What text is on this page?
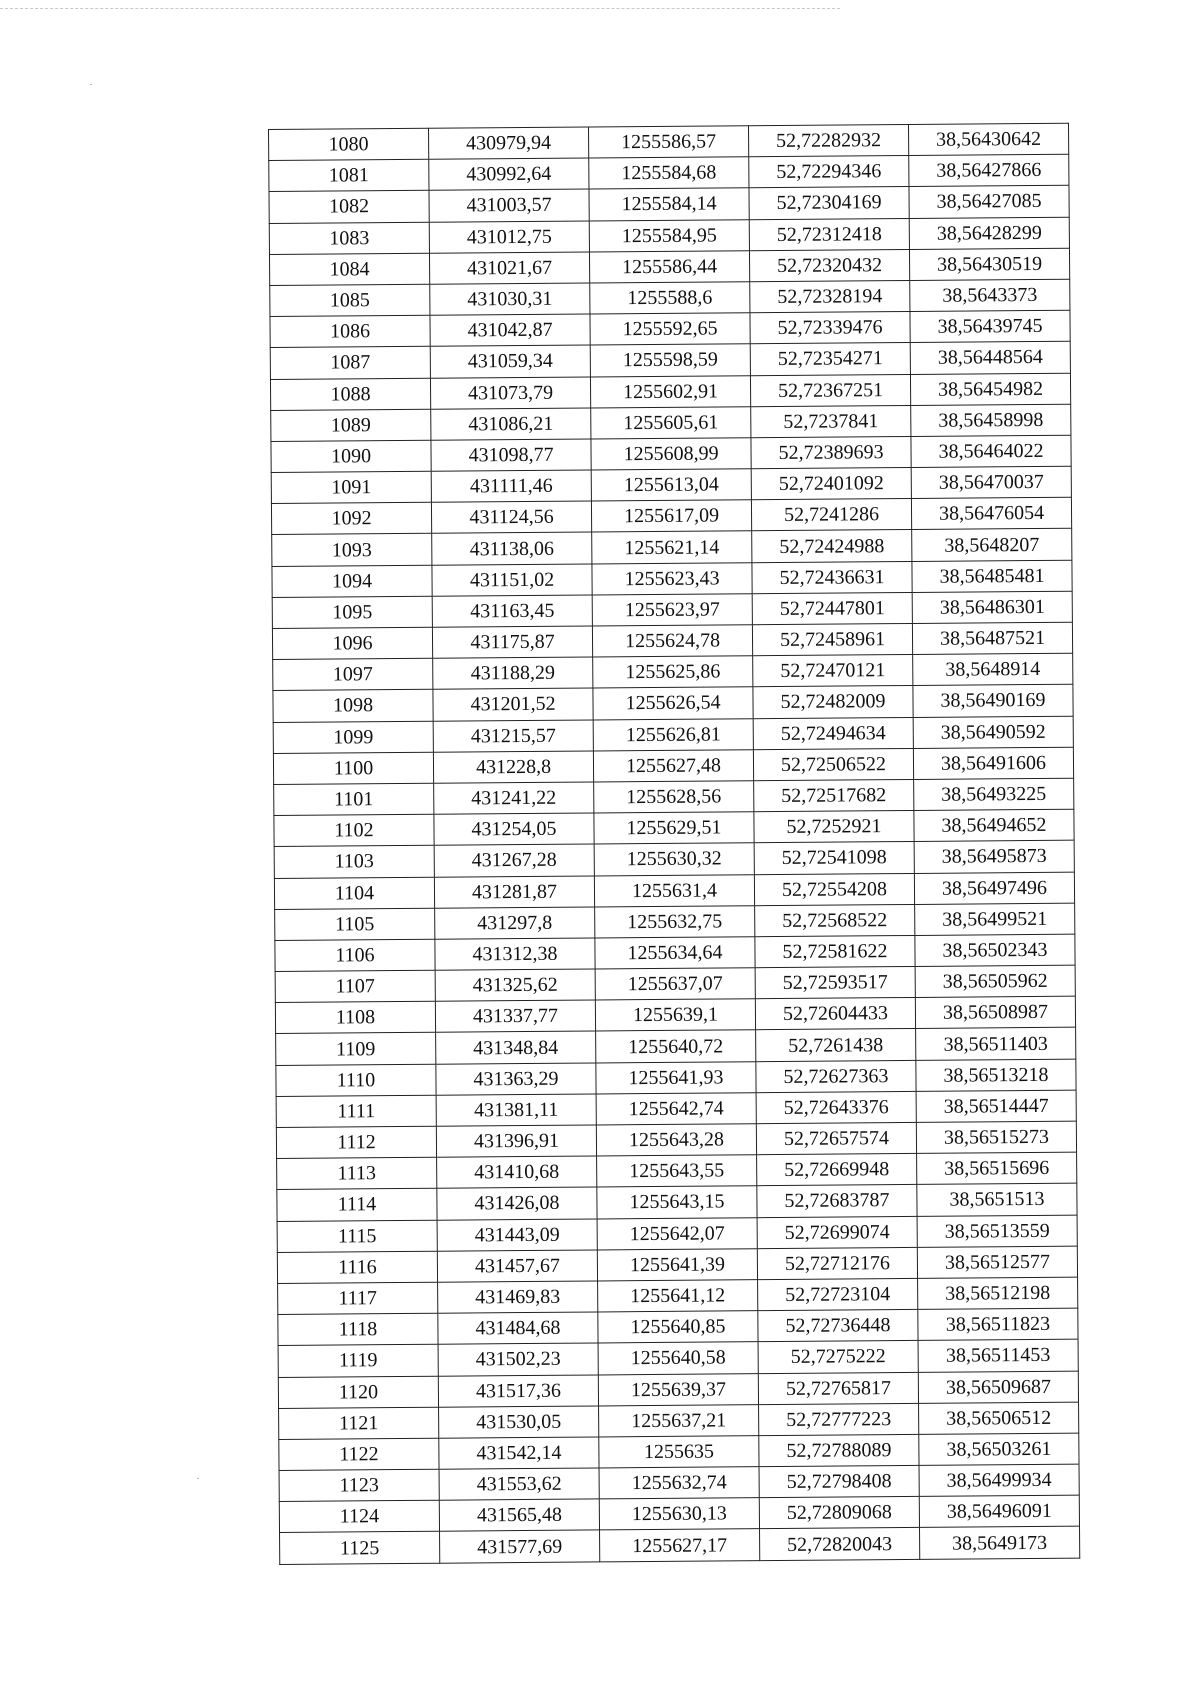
1080	430979,94	1255586,57	52,72282932	38,56430642
1081	430992,64	1255584,68	52,72294346	38,56427866
1082	431003,57	1255584,14	52,72304169	38,56427085
1083	431012,75	1255584,95	52,72312418	38,56428299
1084	431021,67	1255586,44	52,72320432	38,56430519
1085	431030,31	1255588,6	52,72328194	38,5643373
1086	431042,87	1255592,65	52,72339476	38,56439745
1087	431059,34	1255598,59	52,72354271	38,56448564
1088	431073,79	1255602,91	52,72367251	38,56454982
1089	431086,21	1255605,61	52,7237841	38,56458998
1090	431098,77	1255608,99	52,72389693	38,56464022
1091	431111,46	1255613,04	52,72401092	38,56470037
1092	431124,56	1255617,09	52,7241286	38,56476054
1093	431138,06	1255621,14	52,72424988	38,5648207
1094	431151,02	1255623,43	52,72436631	38,56485481
1095	431163,45	1255623,97	52,72447801	38,56486301
1096	431175,87	1255624,78	52,72458961	38,56487521
1097	431188,29	1255625,86	52,72470121	38,5648914
1098	431201,52	1255626,54	52,72482009	38,56490169
1099	431215,57	1255626,81	52,72494634	38,56490592
1100	431228,8	1255627,48	52,72506522	38,56491606
1101	431241,22	1255628,56	52,72517682	38,56493225
1102	431254,05	1255629,51	52,7252921	38,56494652
1103	431267,28	1255630,32	52,72541098	38,56495873
1104	431281,87	1255631,4	52,72554208	38,56497496
1105	431297,8	1255632,75	52,72568522	38,56499521
1106	431312,38	1255634,64	52,72581622	38,56502343
1107	431325,62	1255637,07	52,72593517	38,56505962
1108	431337,77	1255639,1	52,72604433	38,56508987
1109	431348,84	1255640,72	52,7261438	38,56511403
1110	431363,29	1255641,93	52,72627363	38,56513218
1111	431381,11	1255642,74	52,72643376	38,56514447
1112	431396,91	1255643,28	52,72657574	38,56515273
1113	431410,68	1255643,55	52,72669948	38,56515696
1114	431426,08	1255643,15	52,72683787	38,5651513
1115	431443,09	1255642,07	52,72699074	38,56513559
1116	431457,67	1255641,39	52,72712176	38,56512577
1117	431469,83	1255641,12	52,72723104	38,56512198
1118	431484,68	1255640,85	52,72736448	38,56511823
1119	431502,23	1255640,58	52,7275222	38,56511453
1120	431517,36	1255639,37	52,72765817	38,56509687
1121	431530,05	1255637,21	52,72777223	38,56506512
1122	431542,14	1255635	52,72788089	38,56503261
1123	431553,62	1255632,74	52,72798408	38,56499934
1124	431565,48	1255630,13	52,72809068	38,56496091
1125	431577,69	1255627,17	52,72820043	38,5649173
